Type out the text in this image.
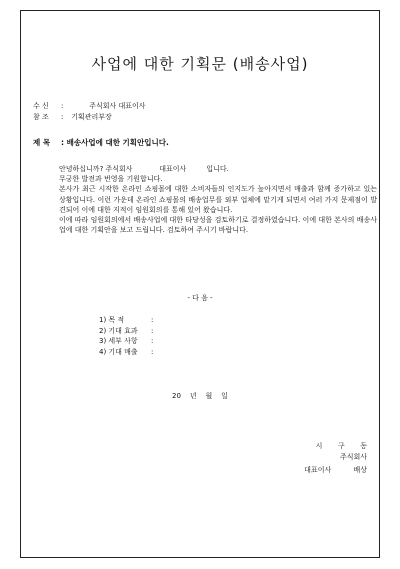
사업에 대한 기획문 (배송사업)
수 신 :	주식회사 대표이사
참 조 : 기획관리부장
제 목 : 배송사업에 대한 기획안입니다.

안녕하십니까? 주식회사            대표이사         입니다.

무궁한 발전과 번영을 기원합니다.

본사가 최근 시작한 온라인 쇼핑몰에 대한 소비자들의 인지도가 높아지면서 매출과 함께 증가하고 있는 상황입니다. 이런 가운데 온라인 쇼핑몰의 배송업무를 외부 업체에 맡기게 되면서 여러 가지 문제점이 발견되어 이에 대한 지적이 임원회의를 통해 있어 왔습니다.

이에 따라 임원회의에서 배송사업에 대한 타당성을 검토하기로 결정하였습니다. 이에 대한 본사의 배송사업에 대한 기획안을 보고 드립니다. 검토하여 주시기 바랍니다.

- 다 음 -
1) 목 적	:
2) 기대 효과 :
3) 세부 사항 :
4) 기대 매출 :
20    년    월    일
시       구       동
주식회사
대표이사          배상
